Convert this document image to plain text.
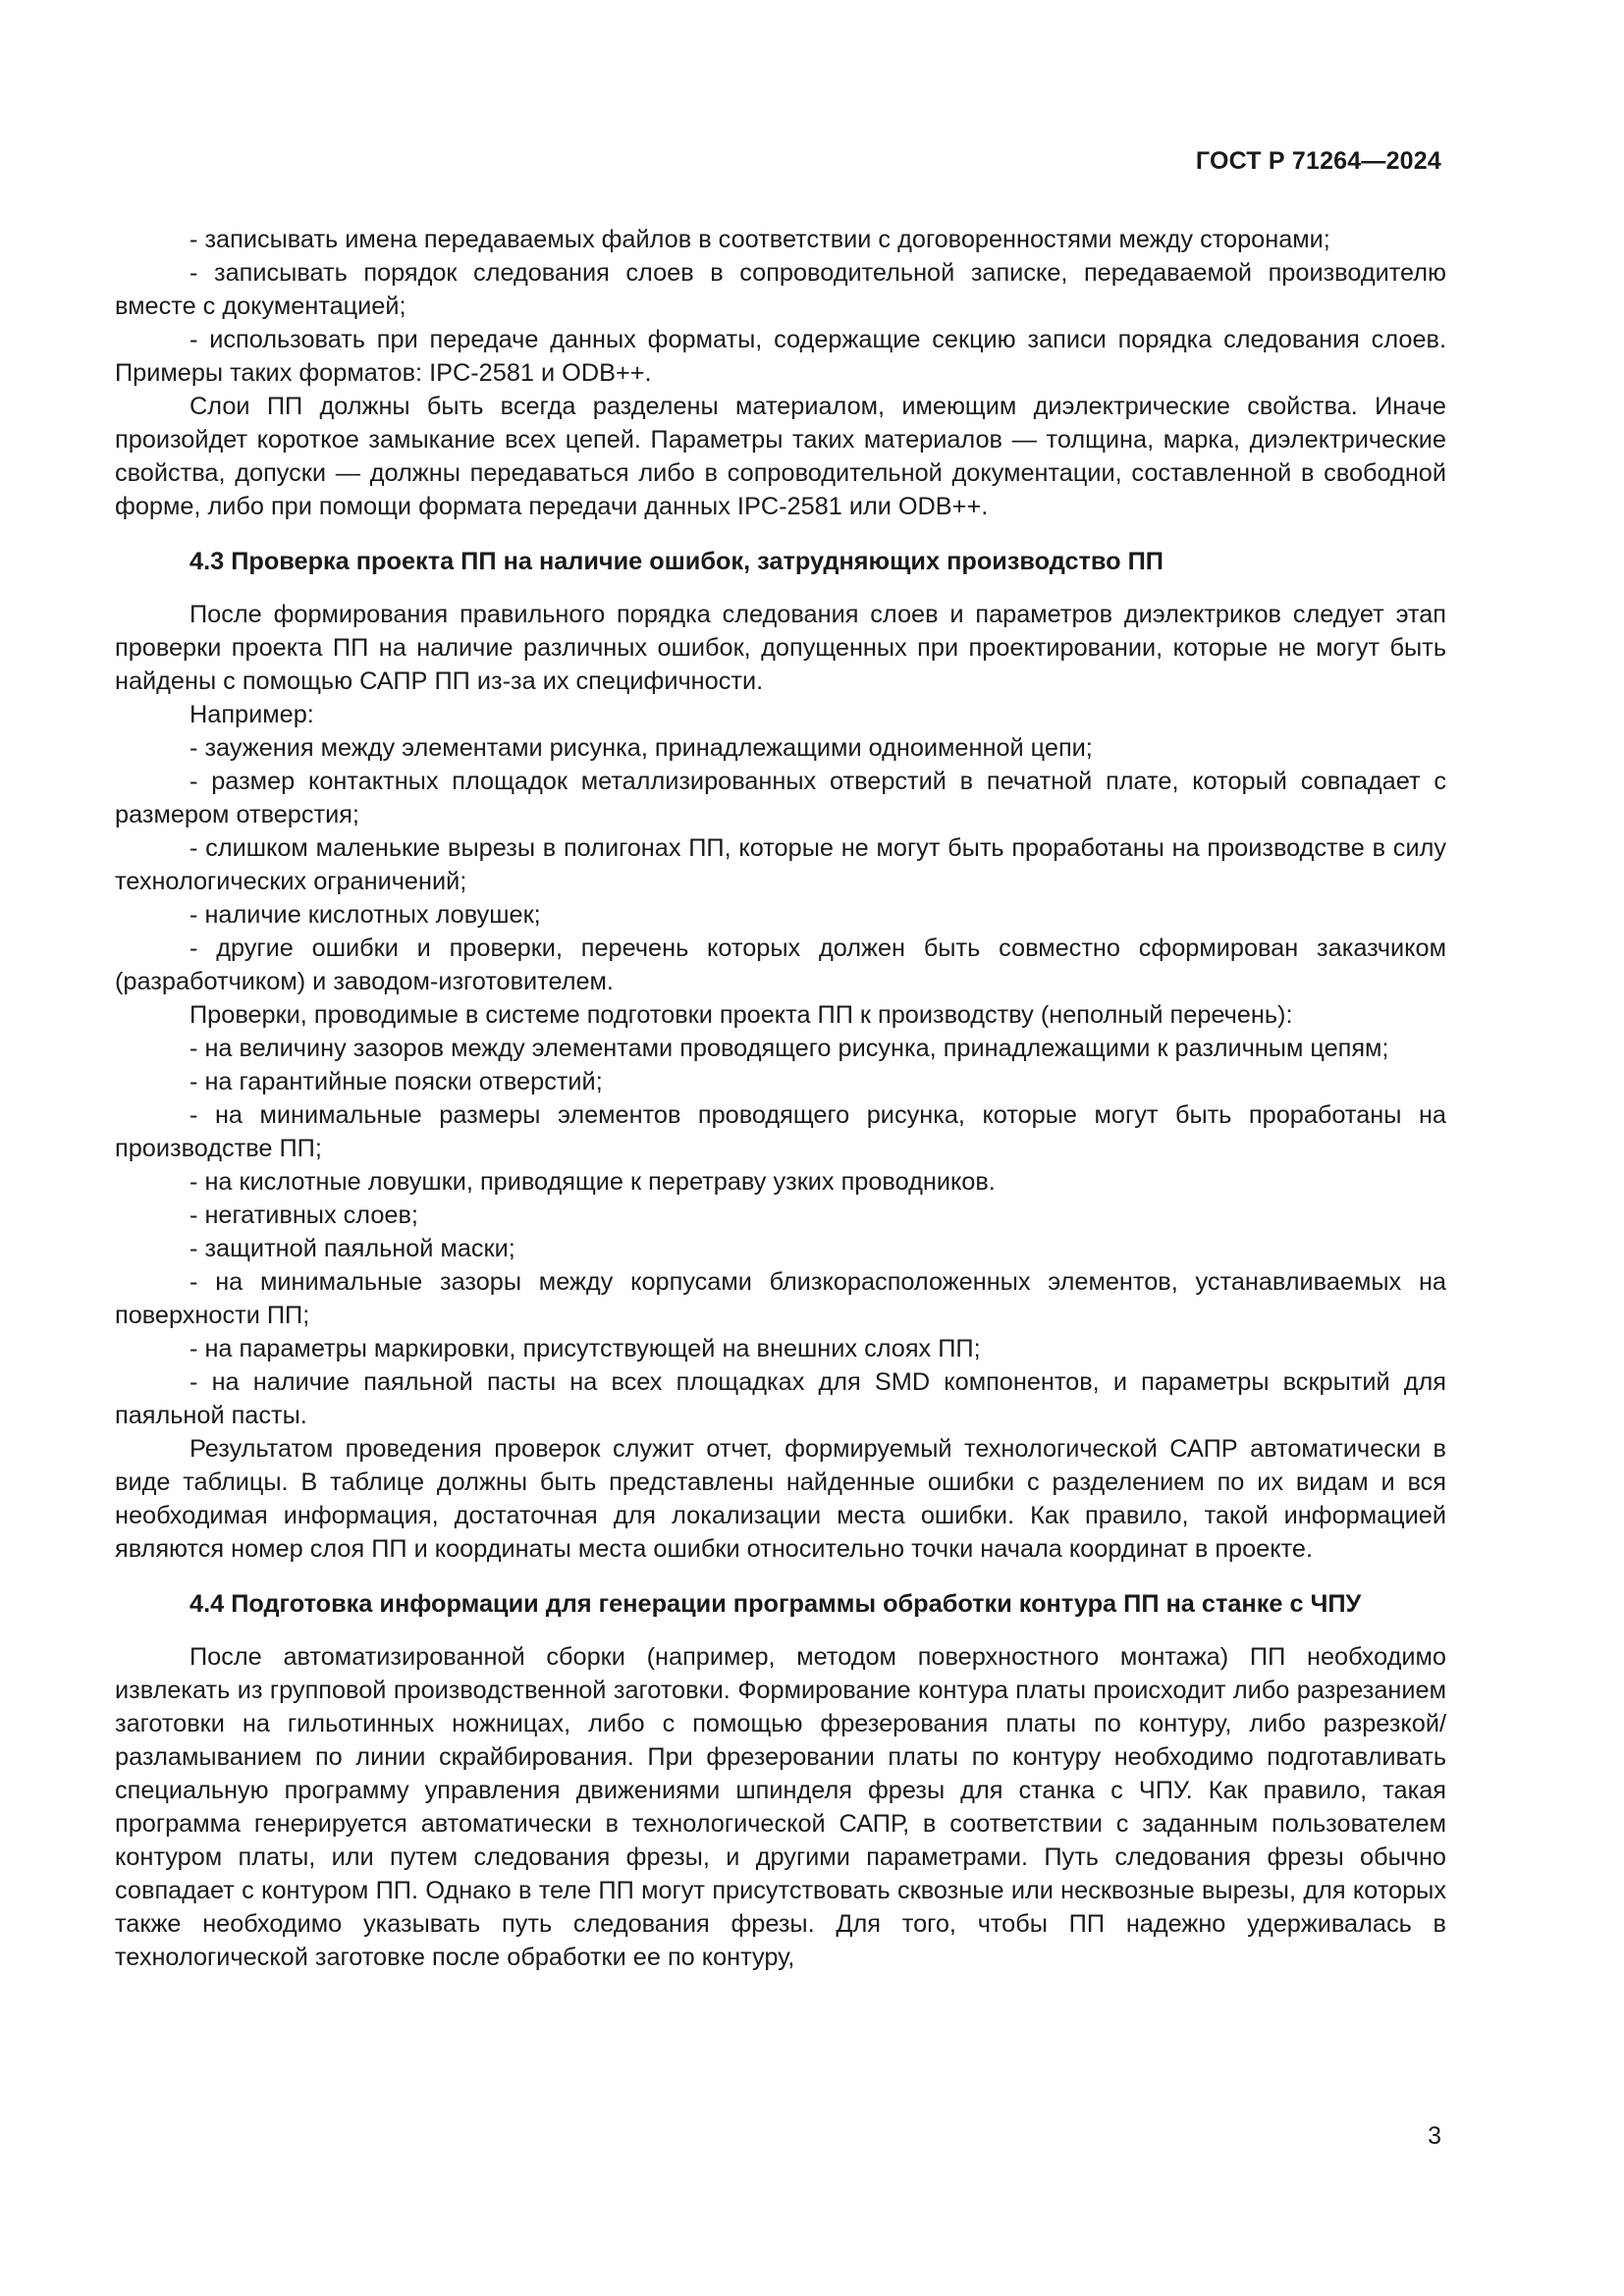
ГОСТ Р 71264—2024

- записывать имена передаваемых файлов в соответствии с договоренностями между сторонами;

- записывать порядок следования слоев в сопроводительной записке, передаваемой производителю вместе с документацией;

- использовать при передаче данных форматы, содержащие секцию записи порядка следования слоев. Примеры таких форматов: IPC-2581 и ODB++.

Слои ПП должны быть всегда разделены материалом, имеющим диэлектрические свойства. Иначе произойдет короткое замыкание всех цепей. Параметры таких материалов — толщина, марка, диэлектрические свойства, допуски — должны передаваться либо в сопроводительной документации, составленной в свободной форме, либо при помощи формата передачи данных IPC-2581 или ODB++.

4.3 Проверка проекта ПП на наличие ошибок, затрудняющих производство ПП

После формирования правильного порядка следования слоев и параметров диэлектриков следует этап проверки проекта ПП на наличие различных ошибок, допущенных при проектировании, которые не могут быть найдены с помощью САПР ПП из-за их специфичности.

Например:

- заужения между элементами рисунка, принадлежащими одноименной цепи;

- размер контактных площадок металлизированных отверстий в печатной плате, который совпадает с размером отверстия;

- слишком маленькие вырезы в полигонах ПП, которые не могут быть проработаны на производстве в силу технологических ограничений;

- наличие кислотных ловушек;

- другие ошибки и проверки, перечень которых должен быть совместно сформирован заказчиком (разработчиком) и заводом-изготовителем.

Проверки, проводимые в системе подготовки проекта ПП к производству (неполный перечень):

- на величину зазоров между элементами проводящего рисунка, принадлежащими к различным цепям;

- на гарантийные пояски отверстий;

- на минимальные размеры элементов проводящего рисунка, которые могут быть проработаны на производстве ПП;

- на кислотные ловушки, приводящие к перетраву узких проводников.

- негативных слоев;

- защитной паяльной маски;

- на минимальные зазоры между корпусами близкорасположенных элементов, устанавливаемых на поверхности ПП;

- на параметры маркировки, присутствующей на внешних слоях ПП;

- на наличие паяльной пасты на всех площадках для SMD компонентов, и параметры вскрытий для паяльной пасты.

Результатом проведения проверок служит отчет, формируемый технологической САПР автоматически в виде таблицы. В таблице должны быть представлены найденные ошибки с разделением по их видам и вся необходимая информация, достаточная для локализации места ошибки. Как правило, такой информацией являются номер слоя ПП и координаты места ошибки относительно точки начала координат в проекте.

4.4 Подготовка информации для генерации программы обработки контура ПП на станке с ЧПУ

После автоматизированной сборки (например, методом поверхностного монтажа) ПП необходимо извлекать из групповой производственной заготовки. Формирование контура платы происходит либо разрезанием заготовки на гильотинных ножницах, либо с помощью фрезерования платы по контуру, либо разрезкой/разламыванием по линии скрайбирования. При фрезеровании платы по контуру необходимо подготавливать специальную программу управления движениями шпинделя фрезы для станка с ЧПУ. Как правило, такая программа генерируется автоматически в технологической САПР, в соответствии с заданным пользователем контуром платы, или путем следования фрезы, и другими параметрами. Путь следования фрезы обычно совпадает с контуром ПП. Однако в теле ПП могут присутствовать сквозные или несквозные вырезы, для которых также необходимо указывать путь следования фрезы. Для того, чтобы ПП надежно удерживалась в технологической заготовке после обработки ее по контуру,

3
